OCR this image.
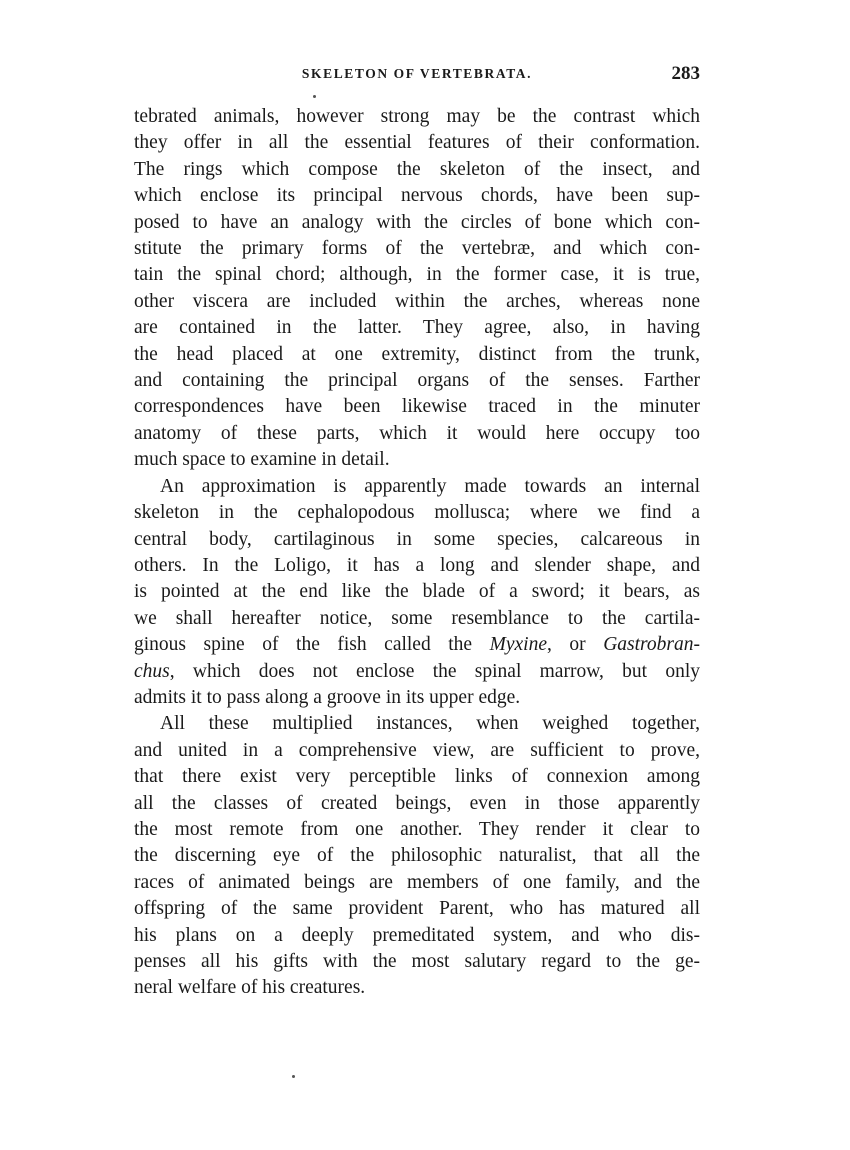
SKELETON OF VERTEBRATA.	283

tebrated animals, however strong may be the contrast which
they offer in all the essential features of their conformation.
The rings which compose the skeleton of the insect, and
which enclose its principal nervous chords, have been sup-
posed to have an analogy with the circles of bone which con-
stitute the primary forms of the vertebræ, and which con-
tain the spinal chord; although, in the former case, it is true,
other viscera are included within the arches, whereas none
are contained in the latter. They agree, also, in having
the head placed at one extremity, distinct from the trunk,
and containing the principal organs of the senses. Farther
correspondences have been likewise traced in the minuter
anatomy of these parts, which it would here occupy too
much space to examine in detail.

An approximation is apparently made towards an internal
skeleton in the cephalopodous mollusca; where we find a
central body, cartilaginous in some species, calcareous in
others. In the Loligo, it has a long and slender shape, and
is pointed at the end like the blade of a sword; it bears, as
we shall hereafter notice, some resemblance to the cartila-
ginous spine of the fish called the Myxine, or Gastrobran-
chus, which does not enclose the spinal marrow, but only
admits it to pass along a groove in its upper edge.

All these multiplied instances, when weighed together,
and united in a comprehensive view, are sufficient to prove,
that there exist very perceptible links of connexion among
all the classes of created beings, even in those apparently
the most remote from one another. They render it clear to
the discerning eye of the philosophic naturalist, that all the
races of animated beings are members of one family, and the
offspring of the same provident Parent, who has matured all
his plans on a deeply premeditated system, and who dis-
penses all his gifts with the most salutary regard to the ge-
neral welfare of his creatures.
